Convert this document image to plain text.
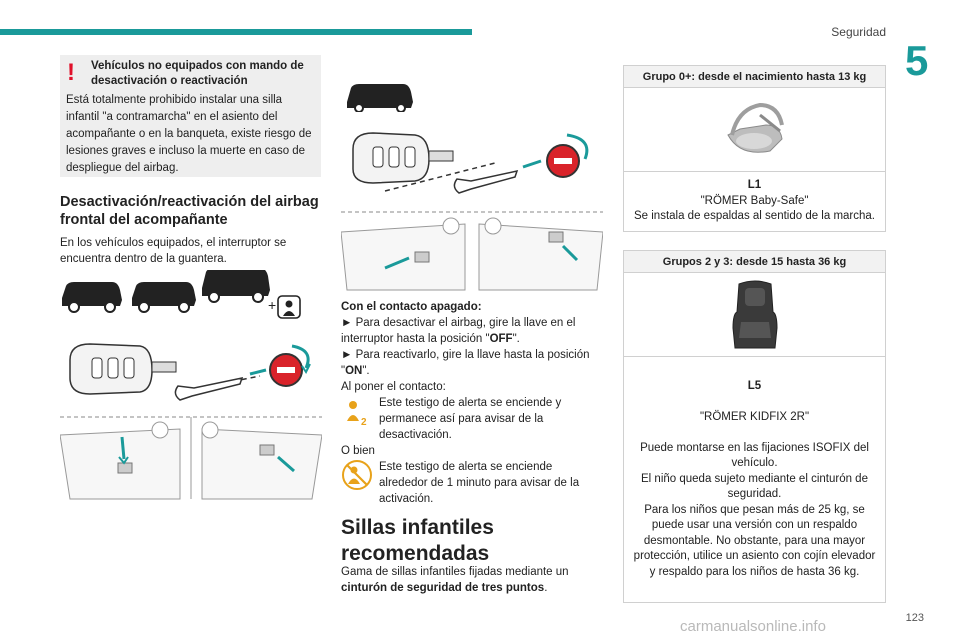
Seguridad
5
! Vehículos no equipados con mando de desactivación o reactivación
Está totalmente prohibido instalar una silla infantil "a contramarcha" en el asiento del acompañante o en la banqueta, existe riesgo de lesiones graves e incluso la muerte en caso de despliegue del airbag.
Desactivación/reactivación del airbag frontal del acompañante
En los vehículos equipados, el interruptor se encuentra dentro de la guantera.
+	Con el contacto apagado:
► Para desactivar el airbag, gire la llave en el interruptor hasta la posición "OFF".
► Para reactivarlo, gire la llave hasta la posición "ON".
Al poner el contacto:
2
Este testigo de alerta se enciende y permanece así para avisar de la desactivación.
O bien
Este testigo de alerta se enciende alrededor de 1 minuto para avisar de la activación.
Sillas infantiles recomendadas
Gama de sillas infantiles fijadas mediante un cinturón de seguridad de tres puntos.
Grupo 0+: desde el nacimiento hasta 13 kg
L1
"RÖMER Baby-Safe"
Se instala de espaldas al sentido de la marcha.
Grupos 2 y 3: desde 15 hasta 36 kg

L5

"RÖMER KIDFIX 2R"

Puede montarse en las fijaciones ISOFIX del vehículo.
El niño queda sujeto mediante el cinturón de seguridad.
Para los niños que pesan más de 25 kg, se puede usar una versión con un respaldo desmontable. No obstante, para una mayor protección, utilice un asiento con cojín elevador y respaldo para los niños de hasta 36 kg.

123
carmanualsonline.info
